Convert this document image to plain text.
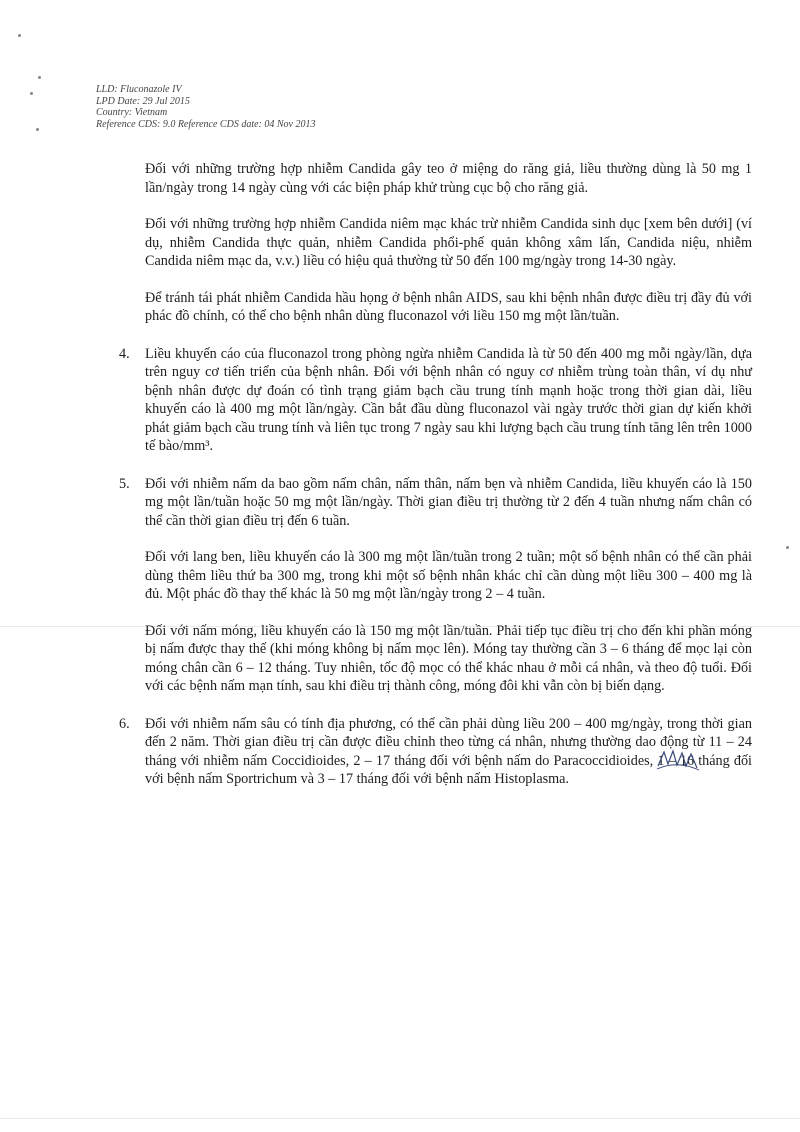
LLD: Fluconazole IV
LPD Date: 29 Jul 2015
Country: Vietnam
Reference CDS: 9.0 Reference CDS date: 04 Nov 2013

Đối với những trường hợp nhiễm Candida gây teo ở miệng do răng giả, liều thường dùng là 50 mg 1 lần/ngày trong 14 ngày cùng với các biện pháp khử trùng cục bộ cho răng giả.

Đối với những trường hợp nhiễm Candida niêm mạc khác trừ nhiễm Candida sinh dục [xem bên dưới] (ví dụ, nhiễm Candida thực quản, nhiễm Candida phổi-phế quản không xâm lấn, Candida niệu, nhiễm Candida niêm mạc da, v.v.) liều có hiệu quả thường từ 50 đến 100 mg/ngày trong 14-30 ngày.

Để tránh tái phát nhiễm Candida hầu họng ở bệnh nhân AIDS, sau khi bệnh nhân được điều trị đầy đủ với phác đồ chính, có thể cho bệnh nhân dùng fluconazol với liều 150 mg một lần/tuần.

4. Liều khuyến cáo của fluconazol trong phòng ngừa nhiễm Candida là từ 50 đến 400 mg mỗi ngày/lần, dựa trên nguy cơ tiến triển của bệnh nhân. Đối với bệnh nhân có nguy cơ nhiễm trùng toàn thân, ví dụ như bệnh nhân được dự đoán có tình trạng giảm bạch cầu trung tính mạnh hoặc trong thời gian dài, liều khuyến cáo là 400 mg một lần/ngày. Cần bắt đầu dùng fluconazol vài ngày trước thời gian dự kiến khởi phát giảm bạch cầu trung tính và liên tục trong 7 ngày sau khi lượng bạch cầu trung tính tăng lên trên 1000 tế bào/mm³.

5. Đối với nhiễm nấm da bao gồm nấm chân, nấm thân, nấm bẹn và nhiễm Candida, liều khuyến cáo là 150 mg một lần/tuần hoặc 50 mg một lần/ngày. Thời gian điều trị thường từ 2 đến 4 tuần nhưng nấm chân có thể cần thời gian điều trị đến 6 tuần.

Đối với lang ben, liều khuyến cáo là 300 mg một lần/tuần trong 2 tuần; một số bệnh nhân có thể cần phải dùng thêm liều thứ ba 300 mg, trong khi một số bệnh nhân khác chỉ cần dùng một liều 300 – 400 mg là đủ. Một phác đồ thay thế khác là 50 mg một lần/ngày trong 2 – 4 tuần.

Đối với nấm móng, liều khuyến cáo là 150 mg một lần/tuần. Phải tiếp tục điều trị cho đến khi phần móng bị nấm được thay thế (khi móng không bị nấm mọc lên). Móng tay thường cần 3 – 6 tháng để mọc lại còn móng chân cần 6 – 12 tháng. Tuy nhiên, tốc độ mọc có thể khác nhau ở mỗi cá nhân, và theo độ tuổi. Đối với các bệnh nấm mạn tính, sau khi điều trị thành công, móng đôi khi vẫn còn bị biến dạng.

6. Đối với nhiễm nấm sâu có tính địa phương, có thể cần phải dùng liều 200 – 400 mg/ngày, trong thời gian đến 2 năm. Thời gian điều trị cần được điều chỉnh theo từng cá nhân, nhưng thường dao động từ 11 – 24 tháng với nhiễm nấm Coccidioides, 2 – 17 tháng đối với bệnh nấm do Paracoccidioides, 1 – 16 tháng đối với bệnh nấm Sportrichum và 3 – 17 tháng đối với bệnh nấm Histoplasma.
